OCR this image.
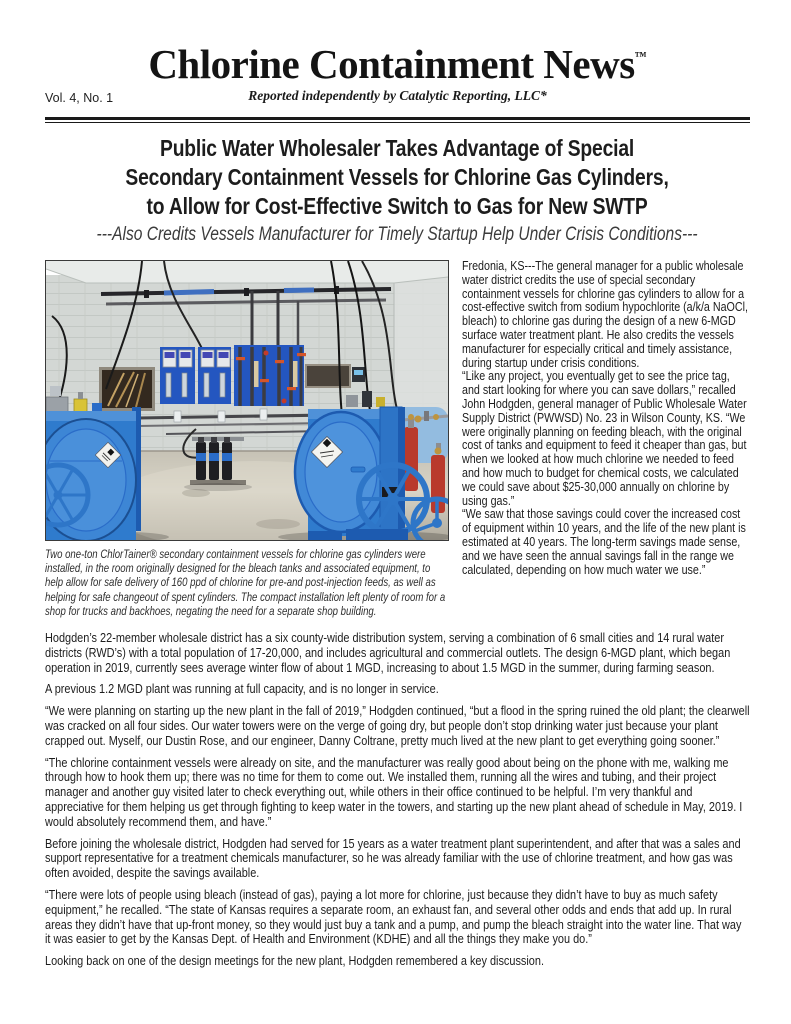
Chlorine Containment News™
Vol. 4, No. 1	Reported independently by Catalytic Reporting, LLC*
Public Water Wholesaler Takes Advantage of Special
Secondary Containment Vessels for Chlorine Gas Cylinders,
to Allow for Cost-Effective Switch to Gas for New SWTP
---Also Credits Vessels Manufacturer for Timely Startup Help Under Crisis Conditions---
Two one-ton ChlorTainer® secondary containment vessels for chlorine gas cylinders were installed, in the room originally designed for the bleach tanks and associated equipment, to help allow for safe delivery of 160 ppd of chlorine for pre-and post-injection feeds, as well as helping for safe changeout of spent cylinders. The compact installation left plenty of room for a shop for trucks and backhoes, negating the need for a separate shop building.

Fredonia, KS---The general manager for a public wholesale water district credits the use of special secondary containment vessels for chlorine gas cylinders to allow for a cost-effective switch from sodium hypochlorite (a/k/a NaOCl, bleach) to chlorine gas during the design of a new 6-MGD surface water treatment plant. He also credits the vessels manufacturer for especially critical and timely assistance, during startup under crisis conditions.

“Like any project, you eventually get to see the price tag, and start looking for where you can save dollars,” recalled John Hodgden, general manager of Public Wholesale Water Supply District (PWWSD) No. 23 in Wilson County, KS. “We were originally planning on feeding bleach, with the original cost of tanks and equipment to feed it cheaper than gas, but when we looked at how much chlorine we needed to feed and how much to budget for chemical costs, we calculated we could save about $25-30,000 annually on chlorine by using gas.”

“We saw that those savings could cover the increased cost of equipment within 10 years, and the life of the new plant is estimated at 40 years. The long-term savings made sense, and we have seen the annual savings fall in the range we calculated, depending on how much water we use.”

Hodgden’s 22-member wholesale district has a six county-wide distribution system, serving a combination of 6 small cities and 14 rural water districts (RWD’s) with a total population of 17-20,000, and includes agricultural and commercial outlets. The design 6-MGD plant, which began operation in 2019, currently sees average winter flow of about 1 MGD, increasing to about 1.5 MGD in the summer, during farming season.

A previous 1.2 MGD plant was running at full capacity, and is no longer in service.

“We were planning on starting up the new plant in the fall of 2019,” Hodgden continued, “but a flood in the spring ruined the old plant; the clearwell was cracked on all four sides. Our water towers were on the verge of going dry, but people don’t stop drinking water just because your plant crapped out. Myself, our Dustin Rose, and our engineer, Danny Coltrane, pretty much lived at the new plant to get everything going sooner.”

“The chlorine containment vessels were already on site, and the manufacturer was really good about being on the phone with me, walking me through how to hook them up; there was no time for them to come out. We installed them, running all the wires and tubing, and their project manager and another guy visited later to check everything out, while others in their office continued to be helpful. I’m very thankful and appreciative for them helping us get through fighting to keep water in the towers, and starting up the new plant ahead of schedule in May, 2019. I would absolutely recommend them, and have.”

Before joining the wholesale district, Hodgden had served for 15 years as a water treatment plant superintendent, and after that was a sales and support representative for a treatment chemicals manufacturer, so he was already familiar with the use of chlorine treatment, and how gas was often avoided, despite the savings available.

“There were lots of people using bleach (instead of gas), paying a lot more for chlorine, just because they didn’t have to buy as much safety equipment,” he recalled. “The state of Kansas requires a separate room, an exhaust fan, and several other odds and ends that add up. In rural areas they didn’t have that up-front money, so they would just buy a tank and a pump, and pump the bleach straight into the water line. That way it was easier to get by the Kansas Dept. of Health and Environment (KDHE) and all the things they make you do.”

Looking back on one of the design meetings for the new plant, Hodgden remembered a key discussion.
